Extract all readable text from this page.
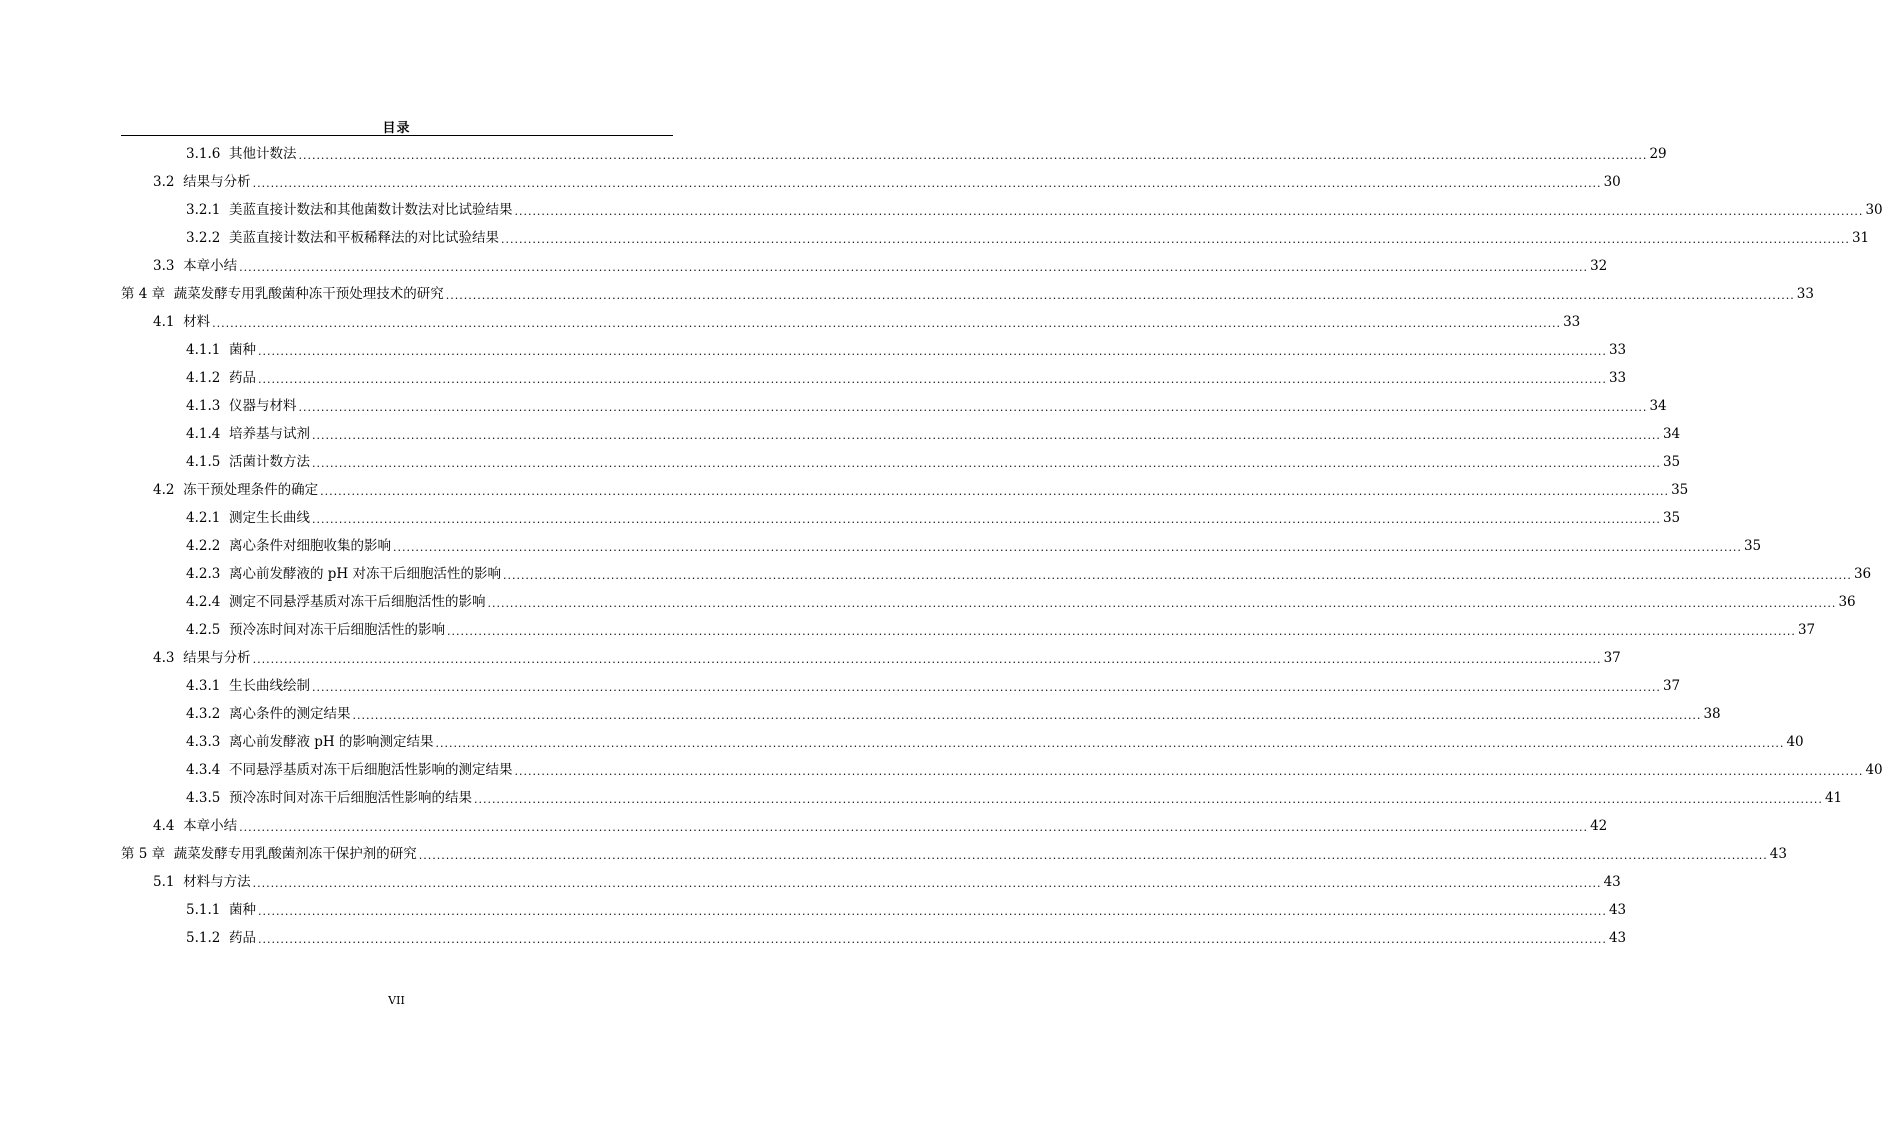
目录
3.1.6
其他计数法 ............................................................................................................................................................................................................................................................................................................ 29
3.2
结果与分析 ............................................................................................................................................................................................................................................................................................................ 30
3.2.1
美蓝直接计数法和其他菌数计数法对比试验结果 ............................................................................................................................................................................................................................................................................................................ 30
3.2.2
美蓝直接计数法和平板稀释法的对比试验结果 ............................................................................................................................................................................................................................................................................................................ 31
3.3
本章小结 ............................................................................................................................................................................................................................................................................................................ 32
第 4 章
蔬菜发酵专用乳酸菌种冻干预处理技术的研究 ............................................................................................................................................................................................................................................................................................................ 33
4.1
材料 ............................................................................................................................................................................................................................................................................................................ 33
4.1.1
菌种 ............................................................................................................................................................................................................................................................................................................ 33
4.1.2
药品 ............................................................................................................................................................................................................................................................................................................ 33
4.1.3
仪器与材料 ............................................................................................................................................................................................................................................................................................................ 34
4.1.4
培养基与试剂 ............................................................................................................................................................................................................................................................................................................ 34
4.1.5
活菌计数方法 ............................................................................................................................................................................................................................................................................................................ 35
4.2
冻干预处理条件的确定 ............................................................................................................................................................................................................................................................................................................ 35
4.2.1
测定生长曲线 ............................................................................................................................................................................................................................................................................................................ 35
4.2.2
离心条件对细胞收集的影响 ............................................................................................................................................................................................................................................................................................................ 35
4.2.3
离心前发酵液的 pH 对冻干后细胞活性的影响 ............................................................................................................................................................................................................................................................................................................ 36
4.2.4
测定不同悬浮基质对冻干后细胞活性的影响 ............................................................................................................................................................................................................................................................................................................ 36
4.2.5
预冷冻时间对冻干后细胞活性的影响 ............................................................................................................................................................................................................................................................................................................ 37
4.3
结果与分析 ............................................................................................................................................................................................................................................................................................................ 37
4.3.1
生长曲线绘制 ............................................................................................................................................................................................................................................................................................................ 37
4.3.2
离心条件的测定结果 ............................................................................................................................................................................................................................................................................................................ 38
4.3.3
离心前发酵液 pH 的影响测定结果 ............................................................................................................................................................................................................................................................................................................ 40
4.3.4
不同悬浮基质对冻干后细胞活性影响的测定结果 ............................................................................................................................................................................................................................................................................................................ 40
4.3.5
预冷冻时间对冻干后细胞活性影响的结果 ............................................................................................................................................................................................................................................................................................................ 41
4.4
本章小结 ............................................................................................................................................................................................................................................................................................................ 42
第 5 章
蔬菜发酵专用乳酸菌剂冻干保护剂的研究 ............................................................................................................................................................................................................................................................................................................ 43
5.1
材料与方法 ............................................................................................................................................................................................................................................................................................................ 43
5.1.1
菌种 ............................................................................................................................................................................................................................................................................................................ 43
5.1.2
药品 ............................................................................................................................................................................................................................................................................................................ 43
VII
